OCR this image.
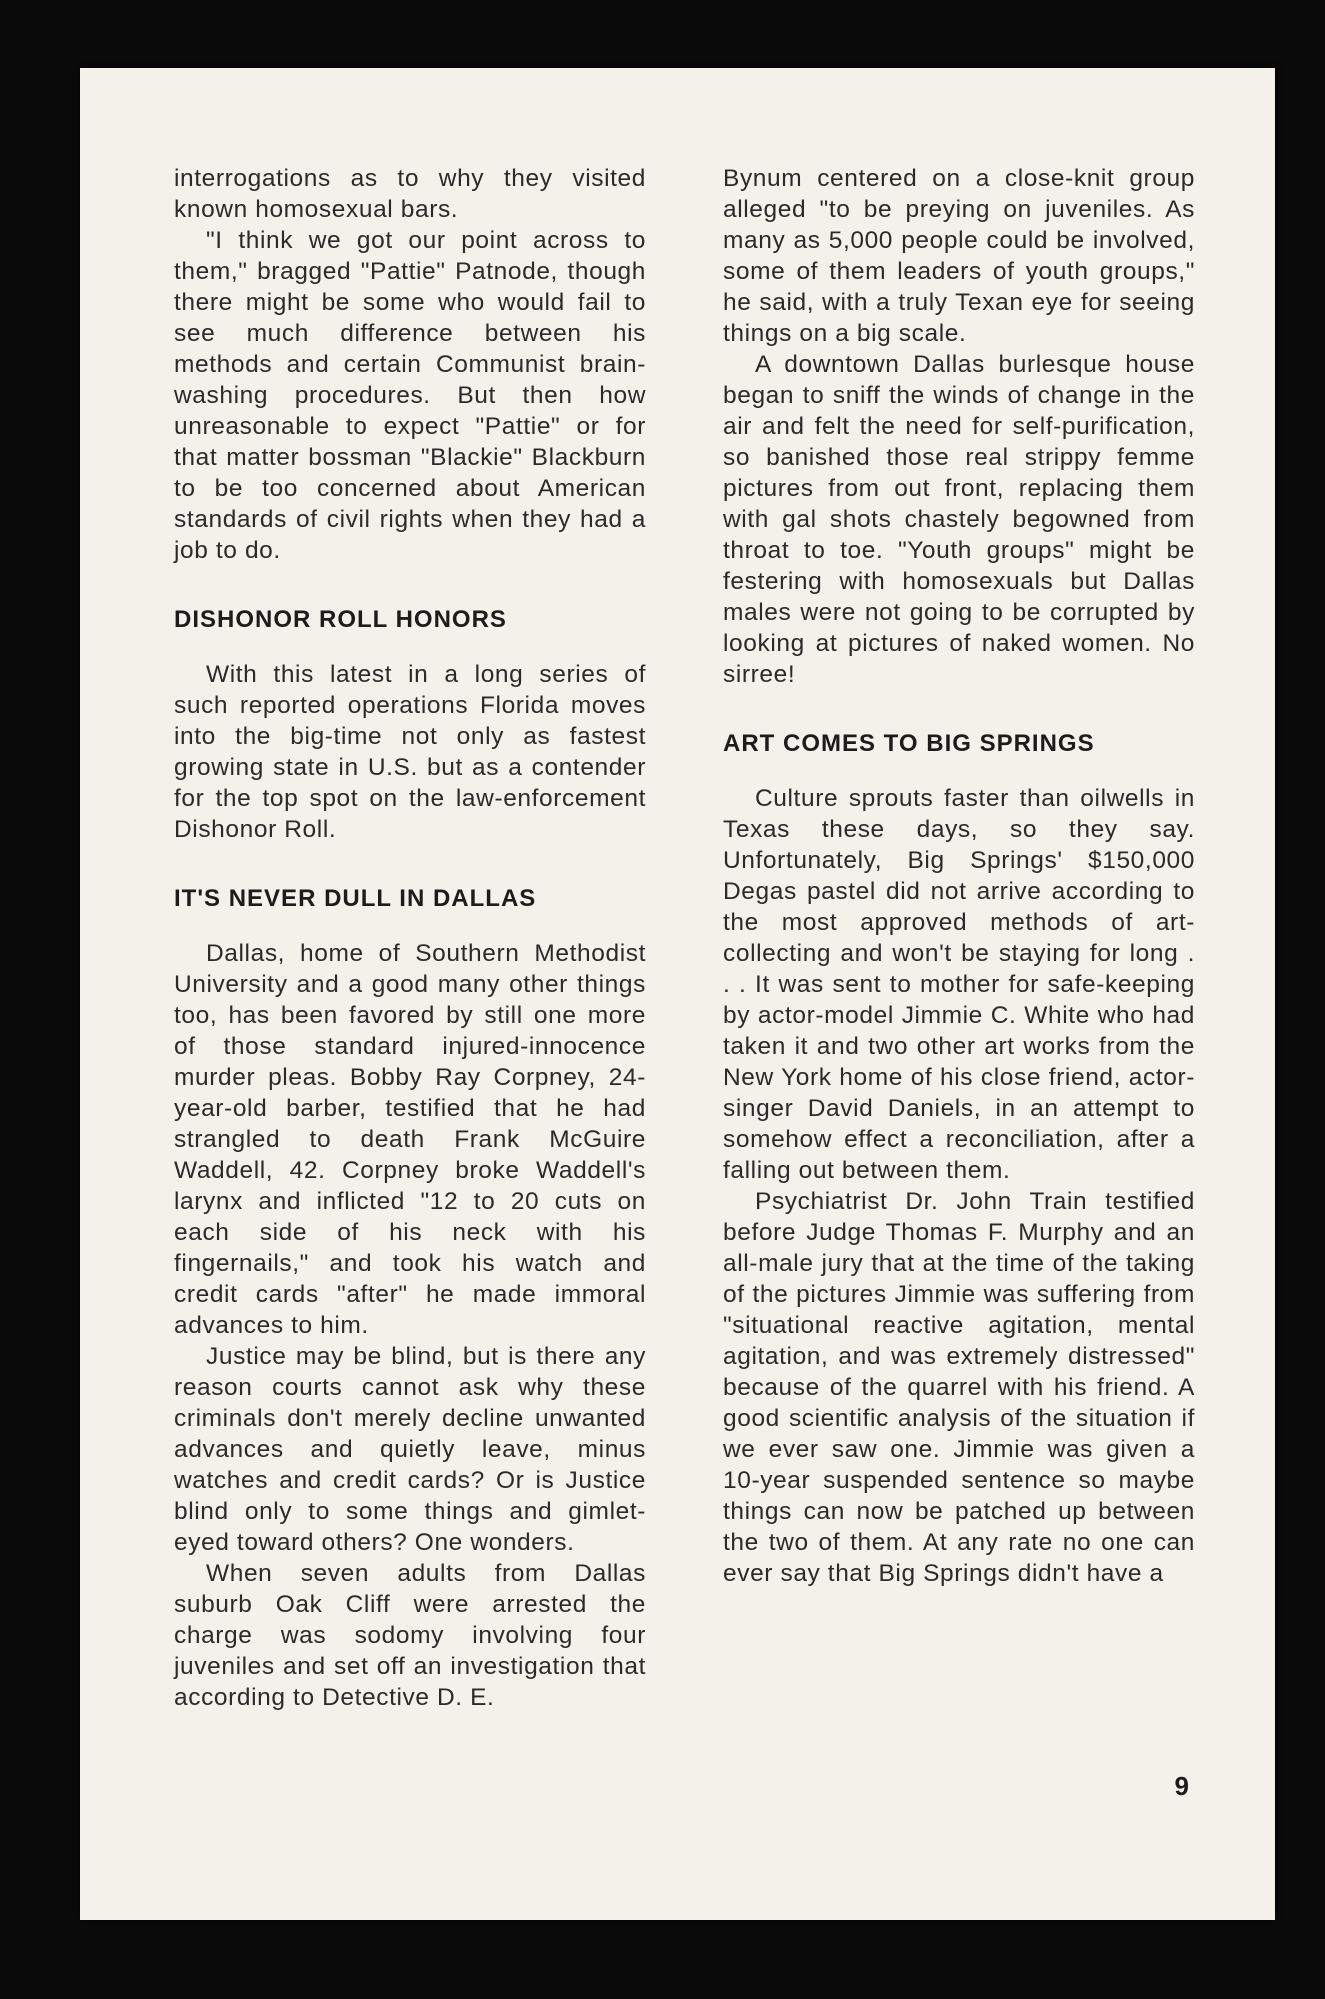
interrogations as to why they visited known homosexual bars.

"I think we got our point across to them," bragged "Pattie" Patnode, though there might be some who would fail to see much difference between his methods and certain Communist brain-washing procedures. But then how unreasonable to expect "Pattie" or for that matter bossman "Blackie" Blackburn to be too concerned about American standards of civil rights when they had a job to do.

DISHONOR ROLL HONORS

With this latest in a long series of such reported operations Florida moves into the big-time not only as fastest growing state in U.S. but as a contender for the top spot on the law-enforcement Dishonor Roll.

IT'S NEVER DULL IN DALLAS

Dallas, home of Southern Methodist University and a good many other things too, has been favored by still one more of those standard injured-innocence murder pleas. Bobby Ray Corpney, 24-year-old barber, testified that he had strangled to death Frank McGuire Waddell, 42. Corpney broke Waddell's larynx and inflicted "12 to 20 cuts on each side of his neck with his fingernails," and took his watch and credit cards "after" he made immoral advances to him.

Justice may be blind, but is there any reason courts cannot ask why these criminals don't merely decline unwanted advances and quietly leave, minus watches and credit cards? Or is Justice blind only to some things and gimlet-eyed toward others? One wonders.

When seven adults from Dallas suburb Oak Cliff were arrested the charge was sodomy involving four juveniles and set off an investigation that according to Detective D. E.

Bynum centered on a close-knit group alleged "to be preying on juveniles. As many as 5,000 people could be involved, some of them leaders of youth groups," he said, with a truly Texan eye for seeing things on a big scale.

A downtown Dallas burlesque house began to sniff the winds of change in the air and felt the need for self-purification, so banished those real strippy femme pictures from out front, replacing them with gal shots chastely begowned from throat to toe. "Youth groups" might be festering with homosexuals but Dallas males were not going to be corrupted by looking at pictures of naked women. No sirree!

ART COMES TO BIG SPRINGS

Culture sprouts faster than oilwells in Texas these days, so they say. Unfortunately, Big Springs' $150,000 Degas pastel did not arrive according to the most approved methods of art-collecting and won't be staying for long . . . It was sent to mother for safe-keeping by actor-model Jimmie C. White who had taken it and two other art works from the New York home of his close friend, actor-singer David Daniels, in an attempt to somehow effect a reconciliation, after a falling out between them.

Psychiatrist Dr. John Train testified before Judge Thomas F. Murphy and an all-male jury that at the time of the taking of the pictures Jimmie was suffering from "situational reactive agitation, mental agitation, and was extremely distressed" because of the quarrel with his friend. A good scientific analysis of the situation if we ever saw one. Jimmie was given a 10-year suspended sentence so maybe things can now be patched up between the two of them. At any rate no one can ever say that Big Springs didn't have a

9
